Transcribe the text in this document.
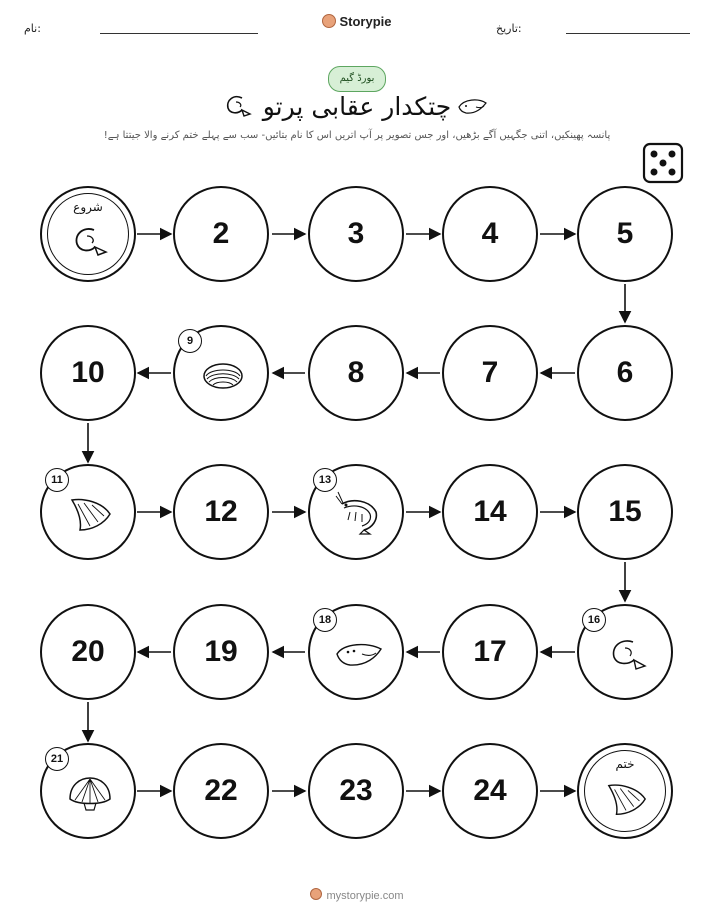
نام:	Storypie	تاریخ:
بورڈ گیم
چتکدار عقابی پرتو
پانسہ پھینکیں، اتنی جگہیں آگے بڑھیں، اور جس تصویر پر آپ اتریں اس کا نام بتائیں- سب سے پہلے ختم کرنے والا جیتتا ہے!
شروع
2	3	4	5
6
7
8
9
10
11
12
13
14	15
16
17
18
19
20
21
22	23	24
ختم
mystorypie.com
